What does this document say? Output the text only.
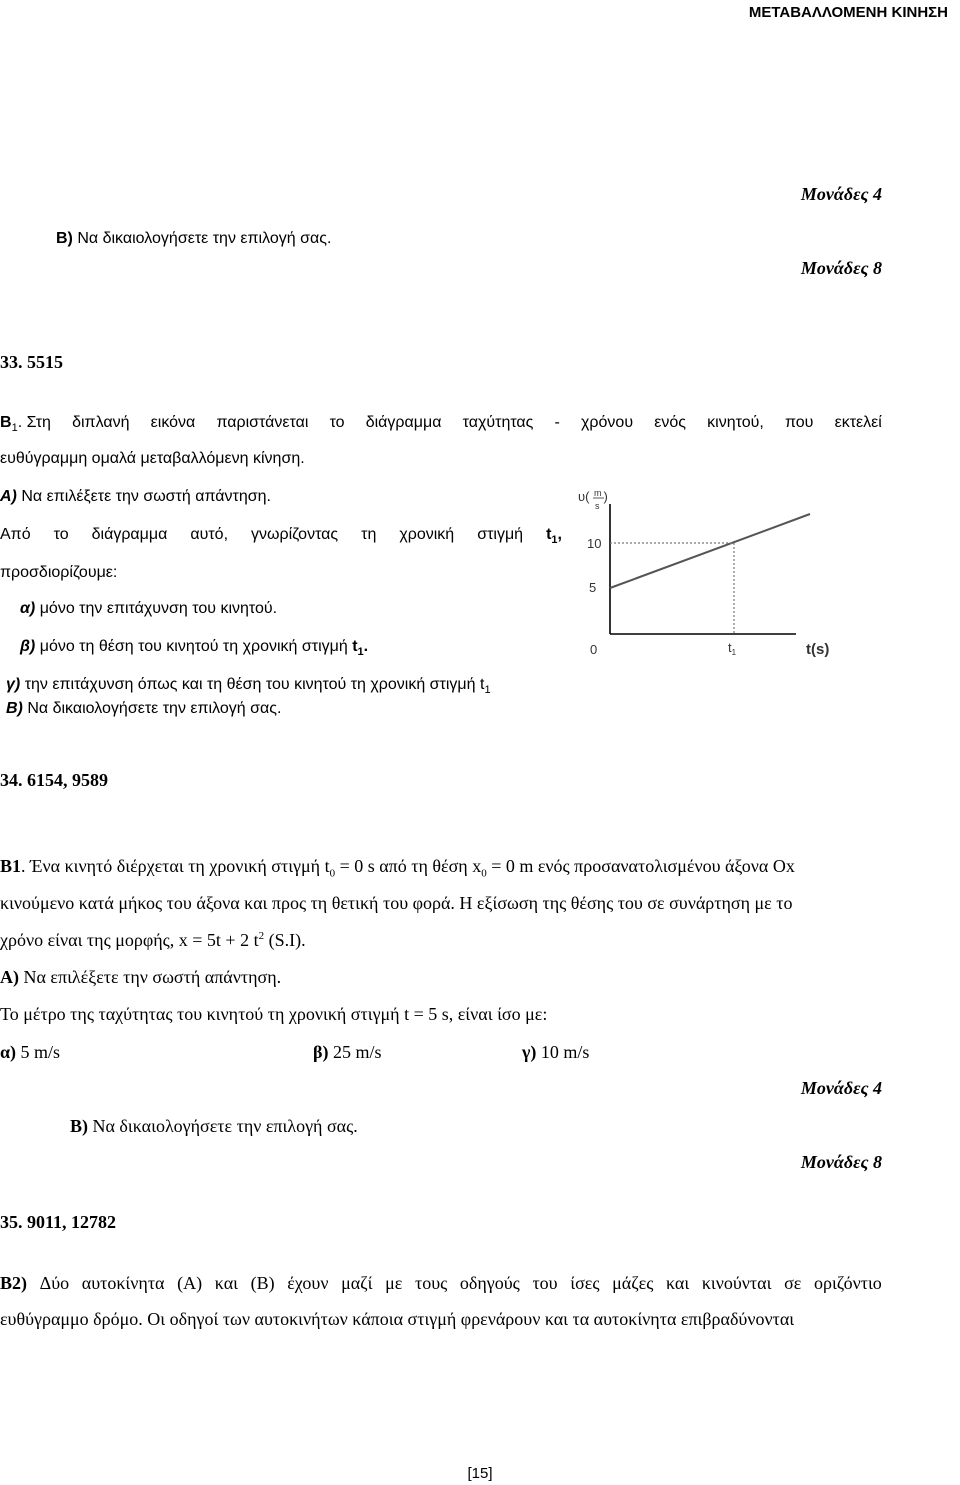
ΜΕΤΑΒΑΛΛΟΜΕΝΗ ΚΙΝΗΣΗ
Μονάδες 4
Β) Να δικαιολογήσετε την επιλογή σας.
Μονάδες 8
33. 5515
$B_1$. Στη διπλανή εικόνα παριστάνεται το διάγραμμα ταχύτητας - χρόνου ενός κινητού, που εκτελεί
ευθύγραμμη ομαλά μεταβαλλόμενη κίνηση.
Α) Να επιλέξετε την σωστή απάντηση.
Από το διάγραμμα αυτό, γνωρίζοντας τη χρονική στιγμή $t_1$,
προσδιορίζουμε:
α) μόνο την επιτάχυνση του κινητού.
β) μόνο τη θέση του κινητού τη χρονική στιγμή $t_1$.
γ) την επιτάχυνση όπως και τη θέση του κινητού τη χρονική στιγμή $t_1$
Β) Να δικαιολογήσετε την επιλογή σας.
υ( )
m
s
10
5
0	$t_1$	t(s)
34. 6154, 9589
Β1. Ένα κινητό διέρχεται τη χρονική στιγμή $t_0 = 0$ s από τη θέση $x_0 = 0$ m ενός προσανατολισμένου άξονα Οx
κινούμενο κατά μήκος του άξονα και προς τη θετική του φορά. Η εξίσωση της θέσης του σε συνάρτηση με το
χρόνο είναι της μορφής, x = 5t + 2 $t^2$ (S.I).
Α) Να επιλέξετε την σωστή απάντηση.
Το μέτρο της ταχύτητας του κινητού τη χρονική στιγμή t = 5 s, είναι ίσο με:
α) 5 m/s	β) 25 m/s	γ) 10 m/s
Μονάδες 4
Β) Να δικαιολογήσετε την επιλογή σας.
Μονάδες 8
35. 9011, 12782
Β2) Δύο αυτοκίνητα (Α) και (Β) έχουν μαζί με τους οδηγούς του ίσες μάζες και κινούνται σε οριζόντιο
ευθύγραμμο δρόμο. Οι οδηγοί των αυτοκινήτων κάποια στιγμή φρενάρουν και τα αυτοκίνητα επιβραδύνονται
[15]
